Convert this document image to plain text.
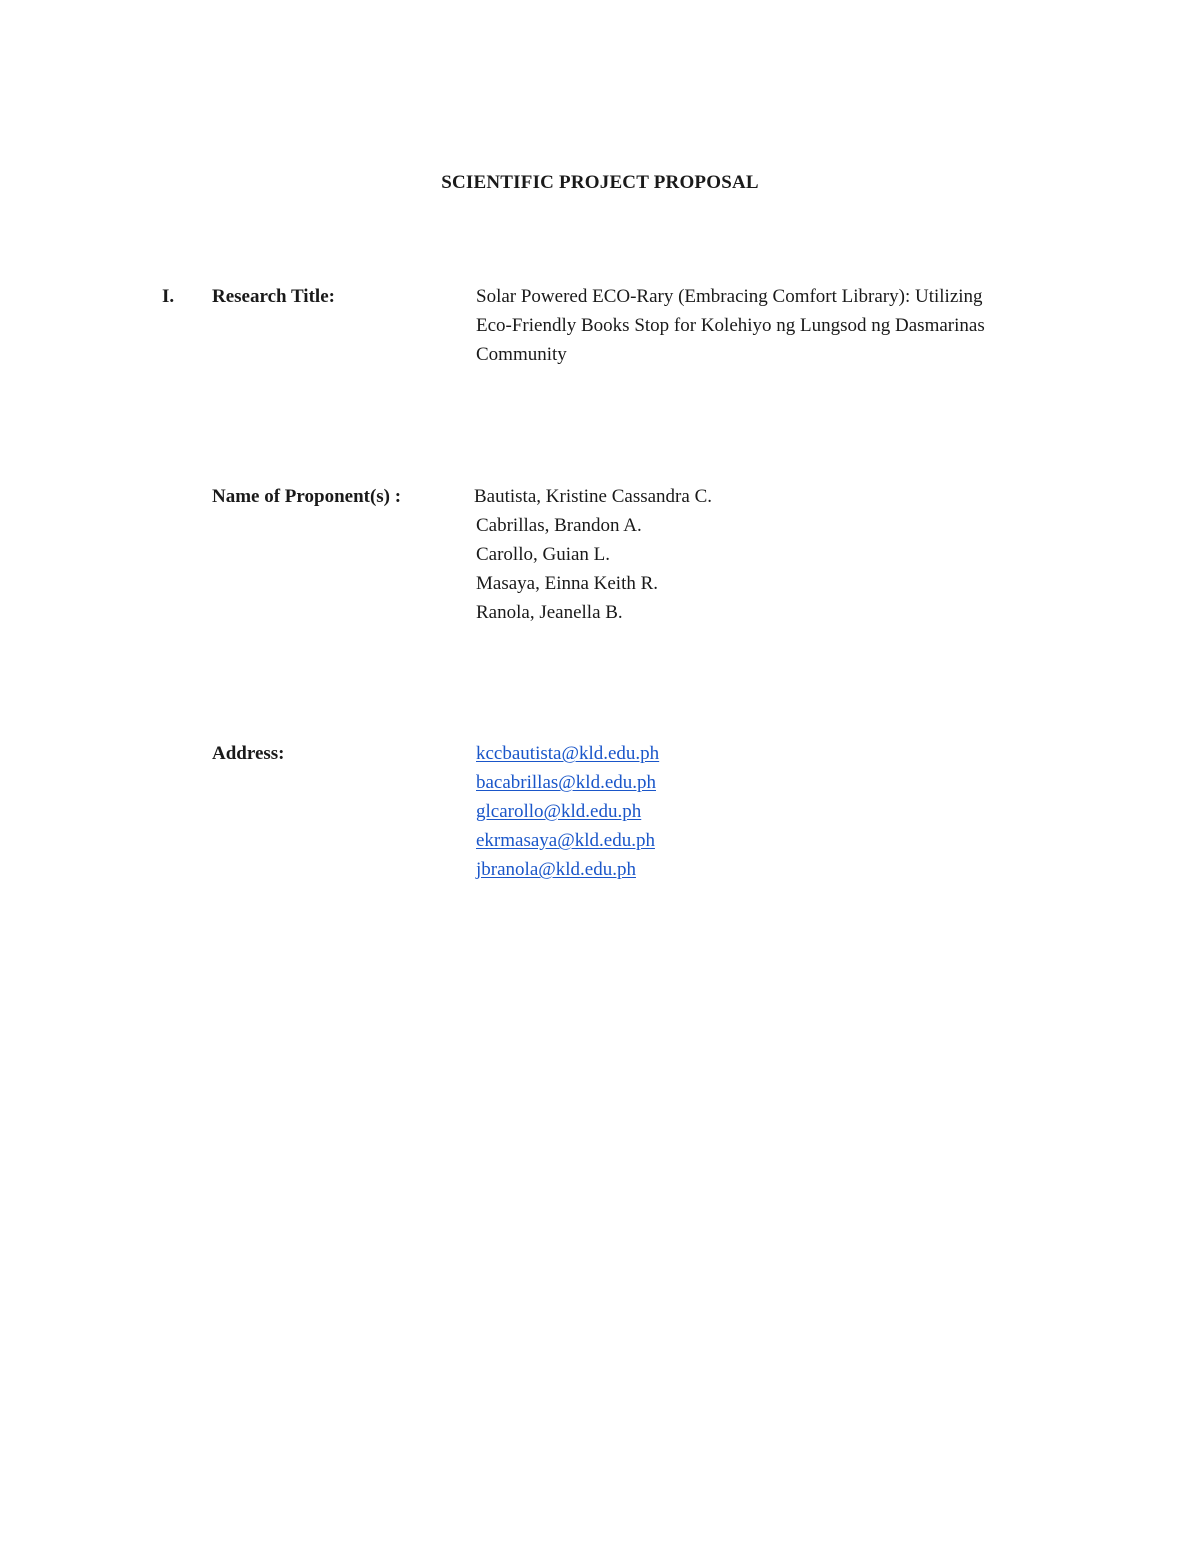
SCIENTIFIC PROJECT PROPOSAL
I. Research Title:	Solar Powered ECO-Rary (Embracing Comfort Library): Utilizing
Eco-Friendly Books Stop for Kolehiyo ng Lungsod ng Dasmarinas
Community
Name of Proponent(s) :	Bautista, Kristine Cassandra C.
Cabrillas, Brandon A.
Carollo, Guian L.
Masaya, Einna Keith R.
Ranola, Jeanella B.
Address:	kccbautista@kld.edu.ph
bacabrillas@kld.edu.ph
glcarollo@kld.edu.ph
ekrmasaya@kld.edu.ph
jbranola@kld.edu.ph
